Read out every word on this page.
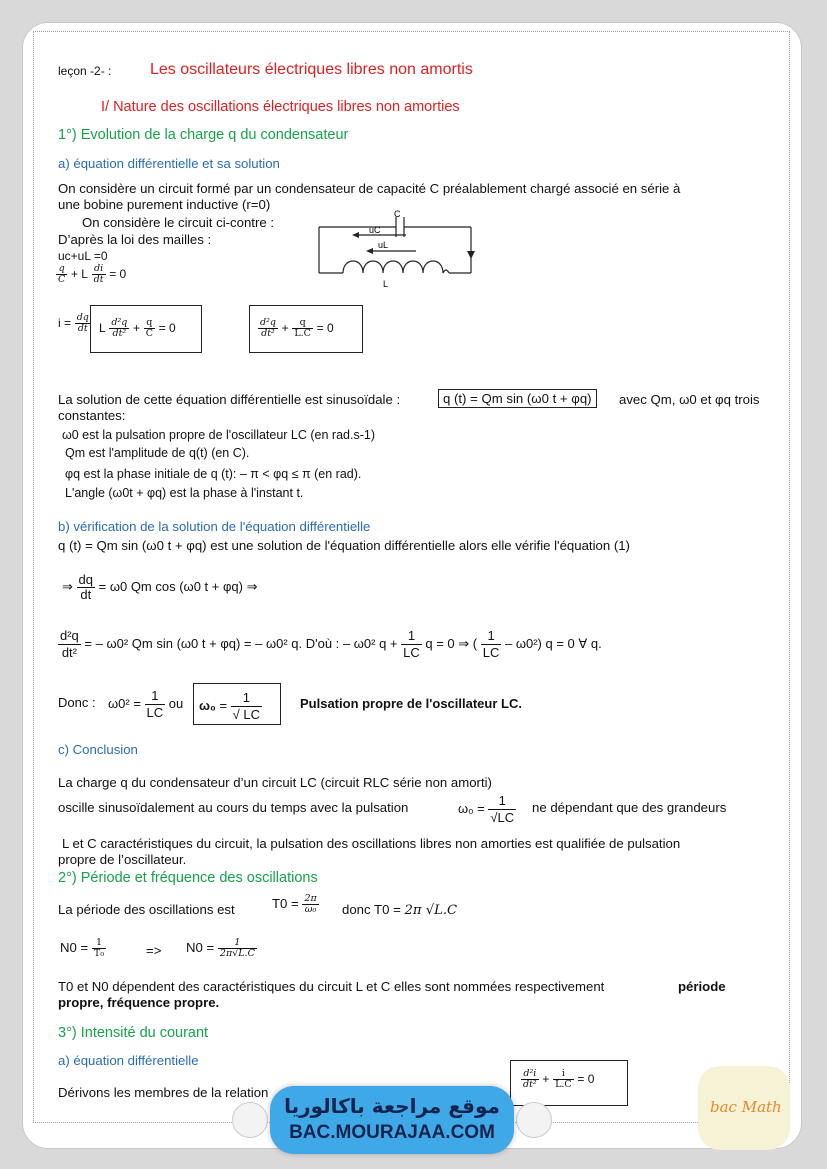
leçon -2- : Les oscillateurs électriques libres non amortis
I/ Nature des oscillations électriques libres non amorties
1°) Evolution de la charge q du condensateur
a) équation différentielle et sa solution
On considère un circuit formé par un condensateur de capacité C préalablement chargé associé en série à
une bobine purement inductive (r=0)
On considère le circuit ci-contre :
D’après la loi des mailles :
uc+uL =0
$\frac{q}{C} + L \frac{di}{dt} = 0$
C
uC
uL
L
$i = \frac{dq}{dt}$ L $\frac{\text{d²q}}{\text{dt²}} + \frac{q}{C} = 0$	$\frac{\text{d²q}}{\text{dt²}} + \frac{q}{L.C} = 0$
La solution de cette équation différentielle est sinusoïdale :	q (t) = Qm sin (ω0 t + φq)	avec Qm, ω0 et φq trois
constantes:
ω0 est la pulsation propre de l'oscillateur LC (en rad.s-1)
Qm est l'amplitude de q(t) (en C).
φq est la phase initiale de q (t): – π < φq ≤ π (en rad).
L'angle (ω0t + φq) est la phase à l'instant t.
b) vérification de la solution de l'équation différentielle
q (t) = Qm sin (ω0 t + φq) est une solution de l'équation différentielle alors elle vérifie l'équation (1)
⇒ $\frac{dq}{dt} = \omega 0$ Qm cos (ω0 t + φq) ⇒
$\frac{\text{d²q}}{\text{dt²}}$ = – ω0² Qm sin (ω0 t + φq) = – ω0² q. D'où : – ω0² $q + \frac{1}{LC}$ q = 0 ⇒ ( $\frac{1}{LC} - \omega 0^2$) q = 0 ∀ q.
Donc : $\omega 0^2 = \frac{1}{LC}$ ou $\omega_0 = \frac{1}{√ LC}$	Pulsation propre de l'oscillateur LC.
c) Conclusion
La charge q du condensateur d’un circuit LC (circuit RLC série non amorti)
oscille sinusoïdalement au cours du temps avec la pulsation	$\omega_0 = \frac{1}{√LC}$ ne dépendant que des grandeurs
L et C caractéristiques du circuit, la pulsation des oscillations libres non amorties est qualifiée de pulsation
propre de l’oscillateur.
2°) Période et fréquence des oscillations
La période des oscillations est	$T0 = \frac{2\pi}{\text{ω₀}}$ donc T0 = 2π √L.C
$N0 = \frac{1}{\text{T₀}}$	=> $N0 = \frac{1}{2\pi√L.C}$
T0 et N0 dépendent des caractéristiques du circuit L et C elles sont nommées respectivement	période
propre, fréquence propre.
3°) Intensité du courant
a) équation différentielle
Dérivons les membres de la relation
$\frac{\text{d²i}}{\text{dt²}} + \frac{i}{L.C} = 0$
موقع مراجعة باكالوريا
BAC.MOURAJAA.COM
bac Math
